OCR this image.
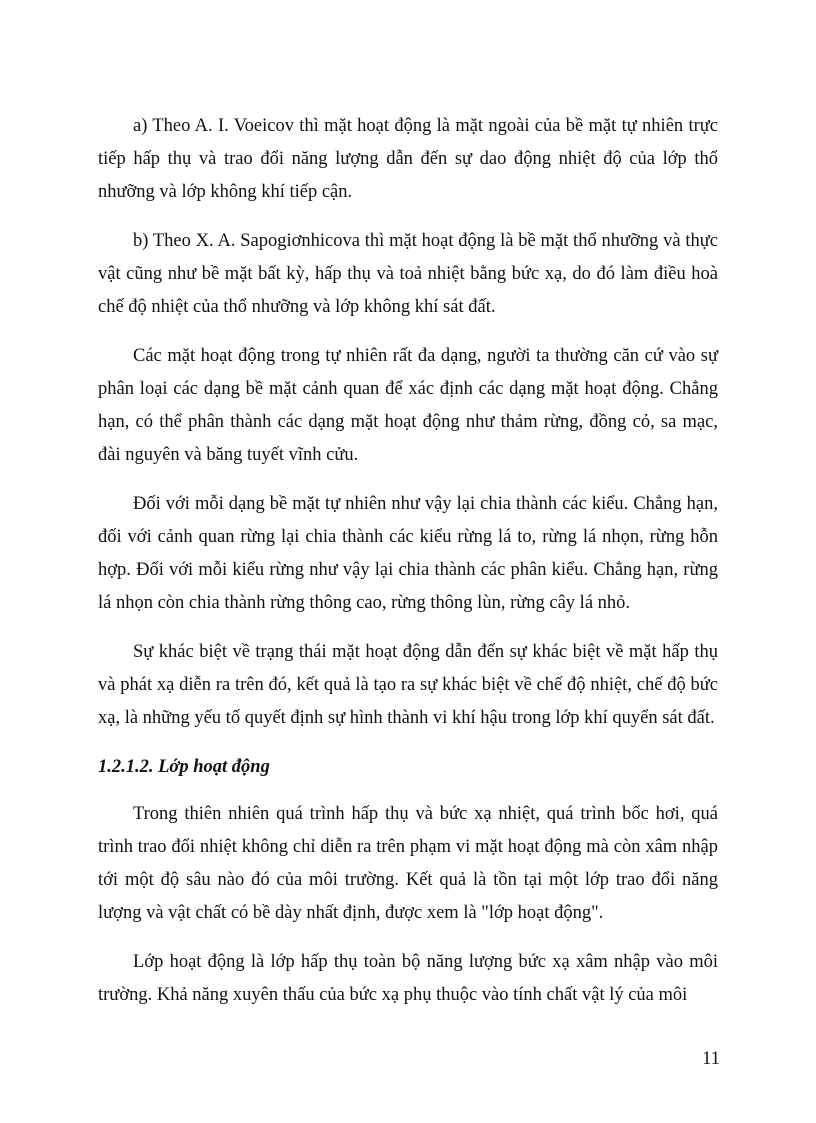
a) Theo A. I. Voeicov thì mặt hoạt động là mặt ngoài của bề mặt tự nhiên trực tiếp hấp thụ và trao đổi năng lượng dẫn đến sự dao động nhiệt độ của lớp thổ nhưỡng và lớp không khí tiếp cận.

b) Theo X. A. Sapogiơnhicova thì mặt hoạt động là bề mặt thổ nhưỡng và thực vật cũng như bề mặt bất kỳ, hấp thụ và toả nhiệt bằng bức xạ, do đó làm điều hoà chế độ nhiệt của thổ nhưỡng và lớp không khí sát đất.

Các mặt hoạt động trong tự nhiên rất đa dạng, người ta thường căn cứ vào sự phân loại các dạng bề mặt cảnh quan để xác định các dạng mặt hoạt động. Chẳng hạn, có thể phân thành các dạng mặt hoạt động như thảm rừng, đồng cỏ, sa mạc, đài nguyên và băng tuyết vĩnh cửu.

Đối với mỗi dạng bề mặt tự nhiên như vậy lại chia thành các kiểu. Chẳng hạn, đối với cảnh quan rừng lại chia thành các kiểu rừng lá to, rừng lá nhọn, rừng hỗn hợp. Đối với mỗi kiểu rừng như vậy lại chia thành các phân kiểu. Chẳng hạn, rừng lá nhọn còn chia thành rừng thông cao, rừng thông lùn, rừng cây lá nhỏ.

Sự khác biệt về trạng thái mặt hoạt động dẫn đến sự khác biệt về mặt hấp thụ và phát xạ diễn ra trên đó, kết quả là tạo ra sự khác biệt về chế độ nhiệt, chế độ bức xạ, là những yếu tố quyết định sự hình thành vi khí hậu trong lớp khí quyển sát đất.

1.2.1.2. Lớp hoạt động

Trong thiên nhiên quá trình hấp thụ và bức xạ nhiệt, quá trình bốc hơi, quá trình trao đổi nhiệt không chỉ diễn ra trên phạm vi mặt hoạt động mà còn xâm nhập tới một độ sâu nào đó của môi trường. Kết quả là tồn tại một lớp trao đổi năng lượng và vật chất có bề dày nhất định, được xem là "lớp hoạt động".

Lớp hoạt động là lớp hấp thụ toàn bộ năng lượng bức xạ xâm nhập vào môi trường. Khả năng xuyên thấu của bức xạ phụ thuộc vào tính chất vật lý của môi

11
